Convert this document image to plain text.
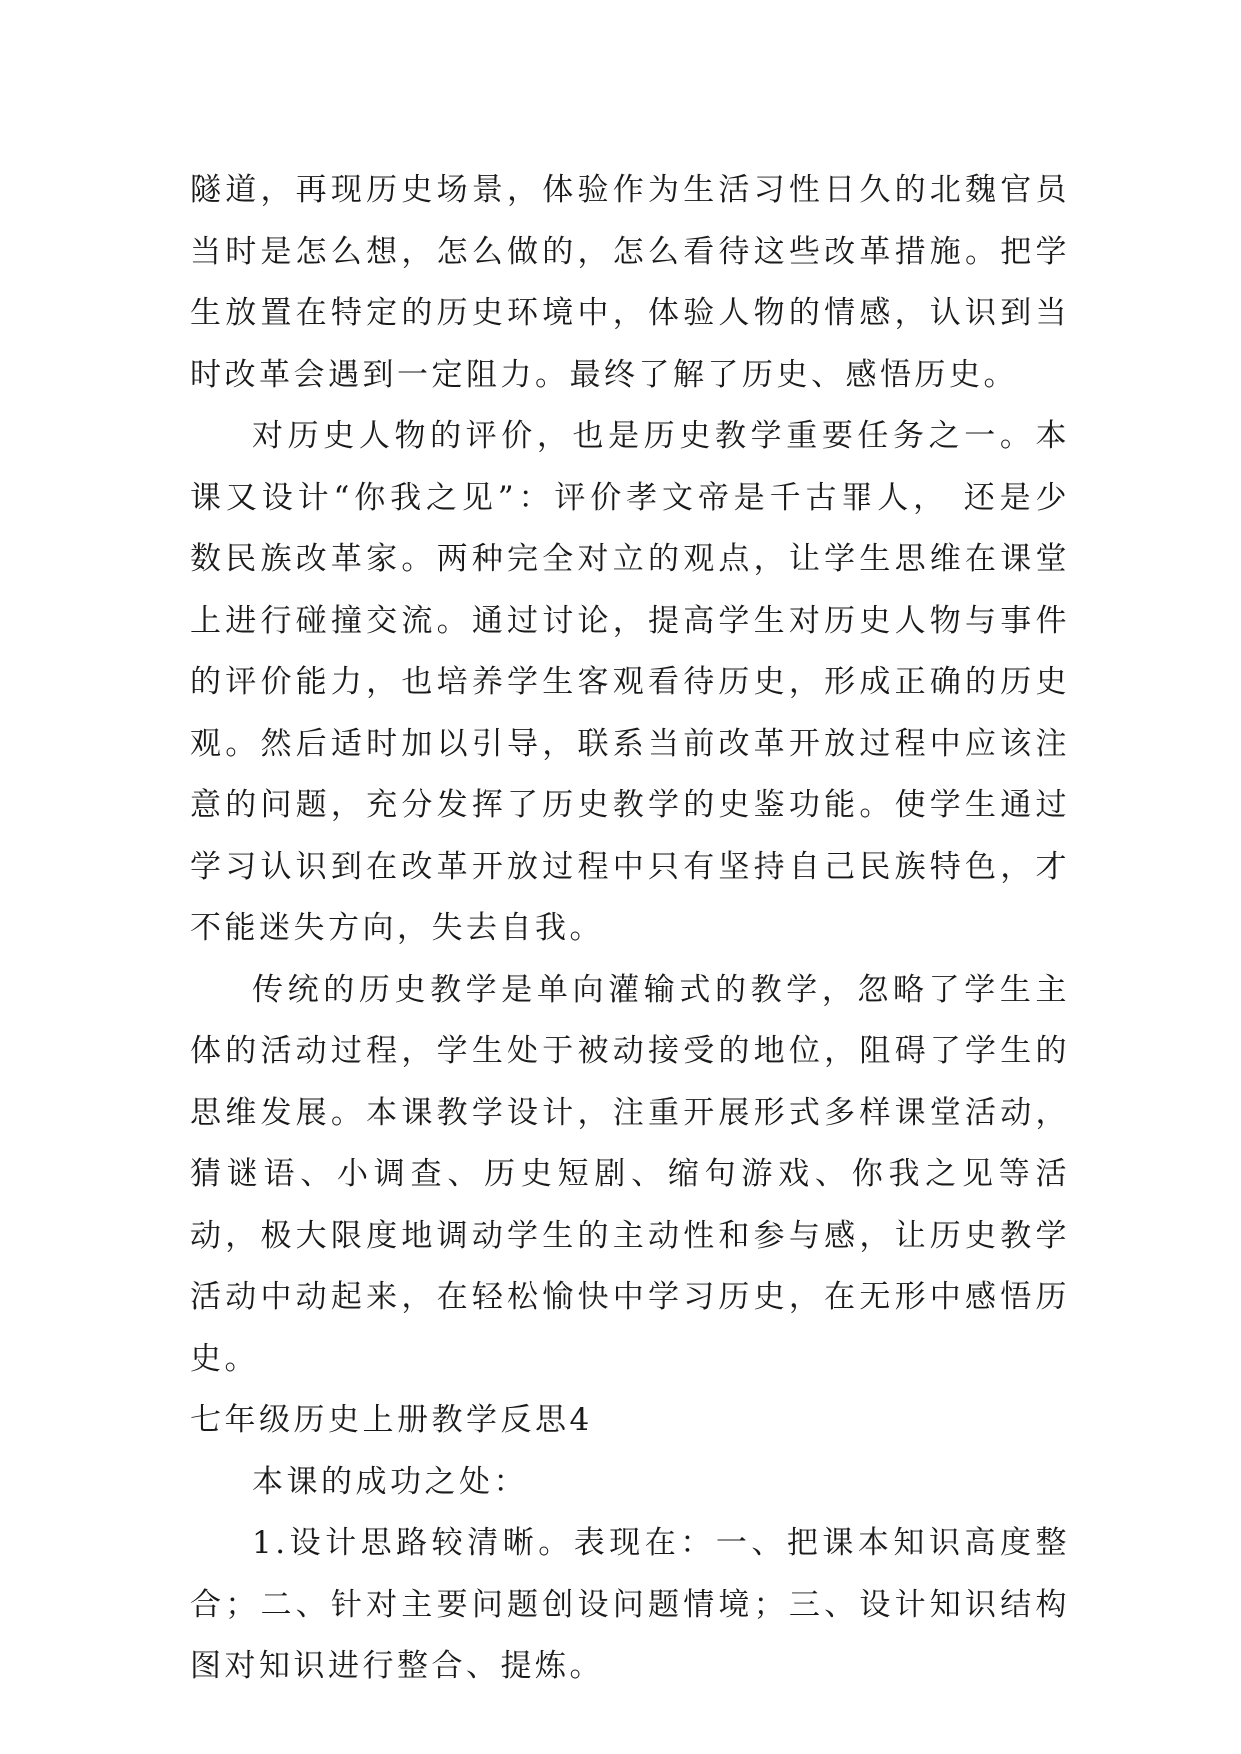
隧道，再现历史场景，体验作为生活习性日久的北魏官员当时是怎么想，怎么做的，怎么看待这些改革措施。把学生放置在特定的历史环境中，体验人物的情感，认识到当时改革会遇到一定阻力。最终了解了历史、感悟历史。

对历史人物的评价，也是历史教学重要任务之一。本课又设计“你我之见”：评价孝文帝是千古罪人， 还是少数民族改革家。两种完全对立的观点，让学生思维在课堂上进行碰撞交流。通过讨论，提高学生对历史人物与事件的评价能力，也培养学生客观看待历史，形成正确的历史观。然后适时加以引导，联系当前改革开放过程中应该注意的问题，充分发挥了历史教学的史鉴功能。使学生通过学习认识到在改革开放过程中只有坚持自己民族特色，才不能迷失方向，失去自我。

传统的历史教学是单向灌输式的教学，忽略了学生主体的活动过程，学生处于被动接受的地位，阻碍了学生的思维发展。本课教学设计，注重开展形式多样课堂活动，猜谜语、小调查、历史短剧、缩句游戏、你我之见等活动，极大限度地调动学生的主动性和参与感，让历史教学活动中动起来，在轻松愉快中学习历史，在无形中感悟历史。

七年级历史上册教学反思4

本课的成功之处：

1.设计思路较清晰。表现在：一、把课本知识高度整合；二、针对主要问题创设问题情境；三、设计知识结构图对知识进行整合、提炼。
